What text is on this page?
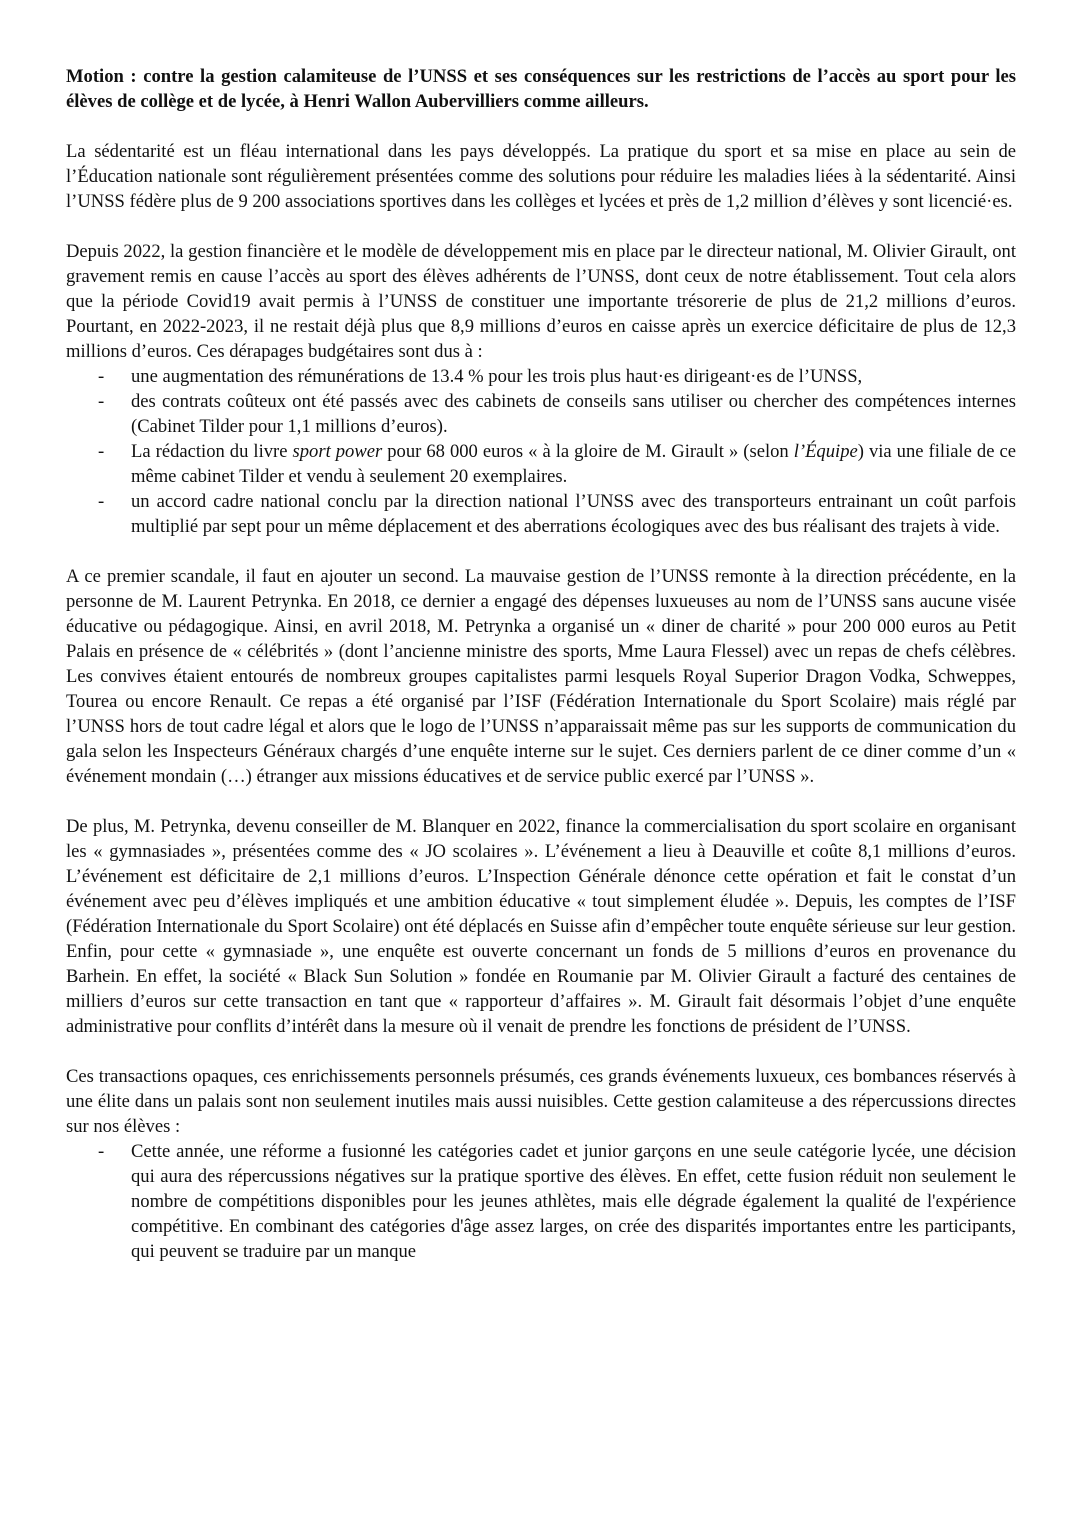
Motion : contre la gestion calamiteuse de l’UNSS et ses conséquences sur les restrictions de l’accès au sport pour les élèves de collège et de lycée, à Henri Wallon Aubervilliers comme ailleurs.

La sédentarité est un fléau international dans les pays développés. La pratique du sport et sa mise en place au sein de l’Éducation nationale sont régulièrement présentées comme des solutions pour réduire les maladies liées à la sédentarité. Ainsi l’UNSS fédère plus de 9 200 associations sportives dans les collèges et lycées et près de 1,2 million d’élèves y sont licencié·es.

Depuis 2022, la gestion financière et le modèle de développement mis en place par le directeur national, M. Olivier Girault, ont gravement remis en cause l’accès au sport des élèves adhérents de l’UNSS, dont ceux de notre établissement. Tout cela alors que la période Covid19 avait permis à l’UNSS de constituer une importante trésorerie de plus de 21,2 millions d’euros. Pourtant, en 2022-2023, il ne restait déjà plus que 8,9 millions d’euros en caisse après un exercice déficitaire de plus de 12,3 millions d’euros. Ces dérapages budgétaires sont dus à :

- une augmentation des rémunérations de 13.4 % pour les trois plus haut·es dirigeant·es de l’UNSS,
- des contrats coûteux ont été passés avec des cabinets de conseils sans utiliser ou chercher des compétences internes (Cabinet Tilder pour 1,1 millions d’euros).
- La rédaction du livre sport power pour 68 000 euros « à la gloire de M. Girault » (selon l’Équipe) via une filiale de ce même cabinet Tilder et vendu à seulement 20 exemplaires.
- un accord cadre national conclu par la direction national l’UNSS avec des transporteurs entrainant un coût parfois multiplié par sept pour un même déplacement et des aberrations écologiques avec des bus réalisant des trajets à vide.

A ce premier scandale, il faut en ajouter un second. La mauvaise gestion de l’UNSS remonte à la direction précédente, en la personne de M. Laurent Petrynka. En 2018, ce dernier a engagé des dépenses luxueuses au nom de l’UNSS sans aucune visée éducative ou pédagogique. Ainsi, en avril 2018, M. Petrynka a organisé un « diner de charité » pour 200 000 euros au Petit Palais en présence de « célébrités » (dont l’ancienne ministre des sports, Mme Laura Flessel) avec un repas de chefs célèbres. Les convives étaient entourés de nombreux groupes capitalistes parmi lesquels Royal Superior Dragon Vodka, Schweppes, Tourea ou encore Renault. Ce repas a été organisé par l’ISF (Fédération Internationale du Sport Scolaire) mais réglé par l’UNSS hors de tout cadre légal et alors que le logo de l’UNSS n’apparaissait même pas sur les supports de communication du gala selon les Inspecteurs Généraux chargés d’une enquête interne sur le sujet. Ces derniers parlent de ce diner comme d’un « événement mondain (…) étranger aux missions éducatives et de service public exercé par l’UNSS ».

De plus, M. Petrynka, devenu conseiller de M. Blanquer en 2022, finance la commercialisation du sport scolaire en organisant les « gymnasiades », présentées comme des « JO scolaires ». L’événement a lieu à Deauville et coûte 8,1 millions d’euros. L’événement est déficitaire de 2,1 millions d’euros. L’Inspection Générale dénonce cette opération et fait le constat d’un événement avec peu d’élèves impliqués et une ambition éducative « tout simplement éludée ». Depuis, les comptes de l’ISF (Fédération Internationale du Sport Scolaire) ont été déplacés en Suisse afin d’empêcher toute enquête sérieuse sur leur gestion. Enfin, pour cette « gymnasiade », une enquête est ouverte concernant un fonds de 5 millions d’euros en provenance du Barhein. En effet, la société « Black Sun Solution » fondée en Roumanie par M. Olivier Girault a facturé des centaines de milliers d’euros sur cette transaction en tant que « rapporteur d’affaires ». M. Girault fait désormais l’objet d’une enquête administrative pour conflits d’intérêt dans la mesure où il venait de prendre les fonctions de président de l’UNSS.

Ces transactions opaques, ces enrichissements personnels présumés, ces grands événements luxueux, ces bombances réservés à une élite dans un palais sont non seulement inutiles mais aussi nuisibles. Cette gestion calamiteuse a des répercussions directes sur nos élèves :

- Cette année, une réforme a fusionné les catégories cadet et junior garçons en une seule catégorie lycée, une décision qui aura des répercussions négatives sur la pratique sportive des élèves. En effet, cette fusion réduit non seulement le nombre de compétitions disponibles pour les jeunes athlètes, mais elle dégrade également la qualité de l'expérience compétitive. En combinant des catégories d'âge assez larges, on crée des disparités importantes entre les participants, qui peuvent se traduire par un manque
